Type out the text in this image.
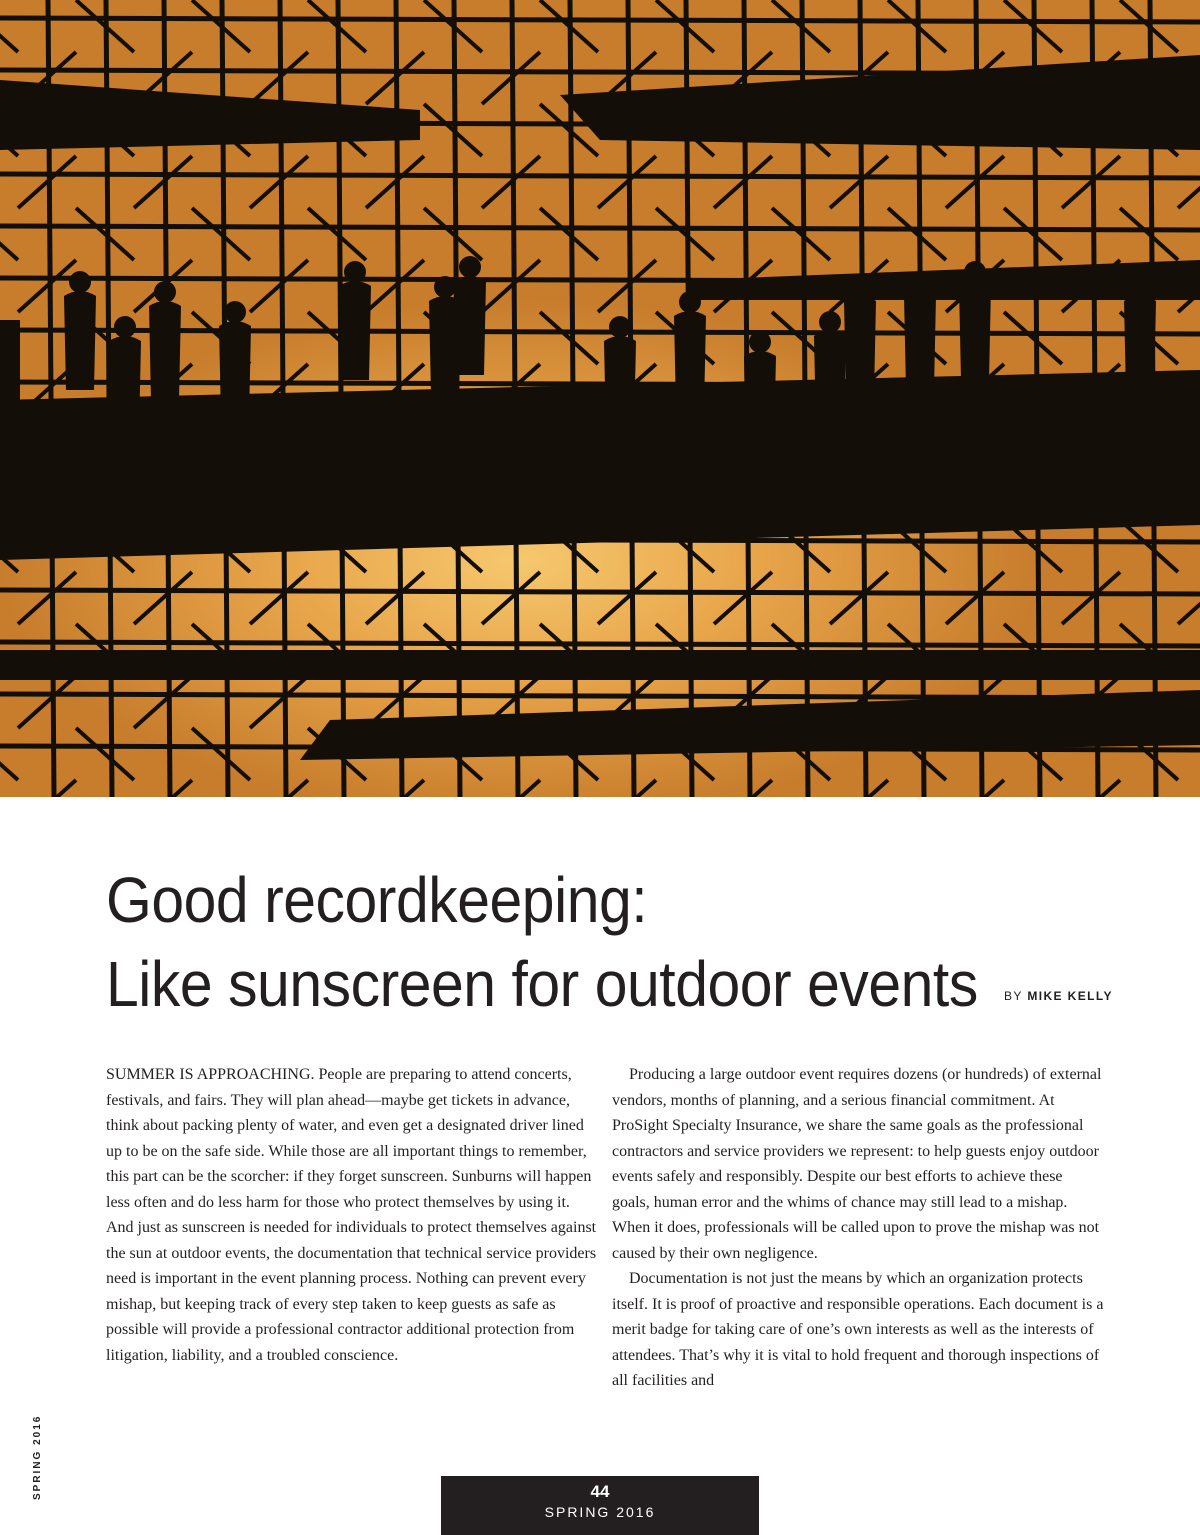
Good recordkeeping:
Like sunscreen for outdoor events	BY MIKE KELLY

SUMMER IS APPROACHING. People are preparing to attend concerts, festivals, and fairs. They will plan ahead—maybe get tickets in advance, think about packing plenty of water, and even get a designated driver lined up to be on the safe side. While those are all important things to remember, this part can be the scorcher: if they forget sunscreen. Sunburns will happen less often and do less harm for those who protect themselves by using it. And just as sunscreen is needed for individuals to protect themselves against the sun at outdoor events, the documentation that technical service providers need is important in the event planning process. Nothing can prevent every mishap, but keeping track of every step taken to keep guests as safe as possible will provide a professional contractor additional protection from litigation, liability, and a troubled conscience.

Producing a large outdoor event requires dozens (or hundreds) of external vendors, months of planning, and a serious financial commitment. At ProSight Specialty Insurance, we share the same goals as the professional contractors and service providers we represent: to help guests enjoy outdoor events safely and responsibly. Despite our best efforts to achieve these goals, human error and the whims of chance may still lead to a mishap. When it does, professionals will be called upon to prove the mishap was not caused by their own negligence.

Documentation is not just the means by which an organization protects itself. It is proof of proactive and responsible operations. Each document is a merit badge for taking care of one’s own interests as well as the interests of attendees. That’s why it is vital to hold frequent and thorough inspections of all facilities and

SPRING 2016	44
SPRING 2016
